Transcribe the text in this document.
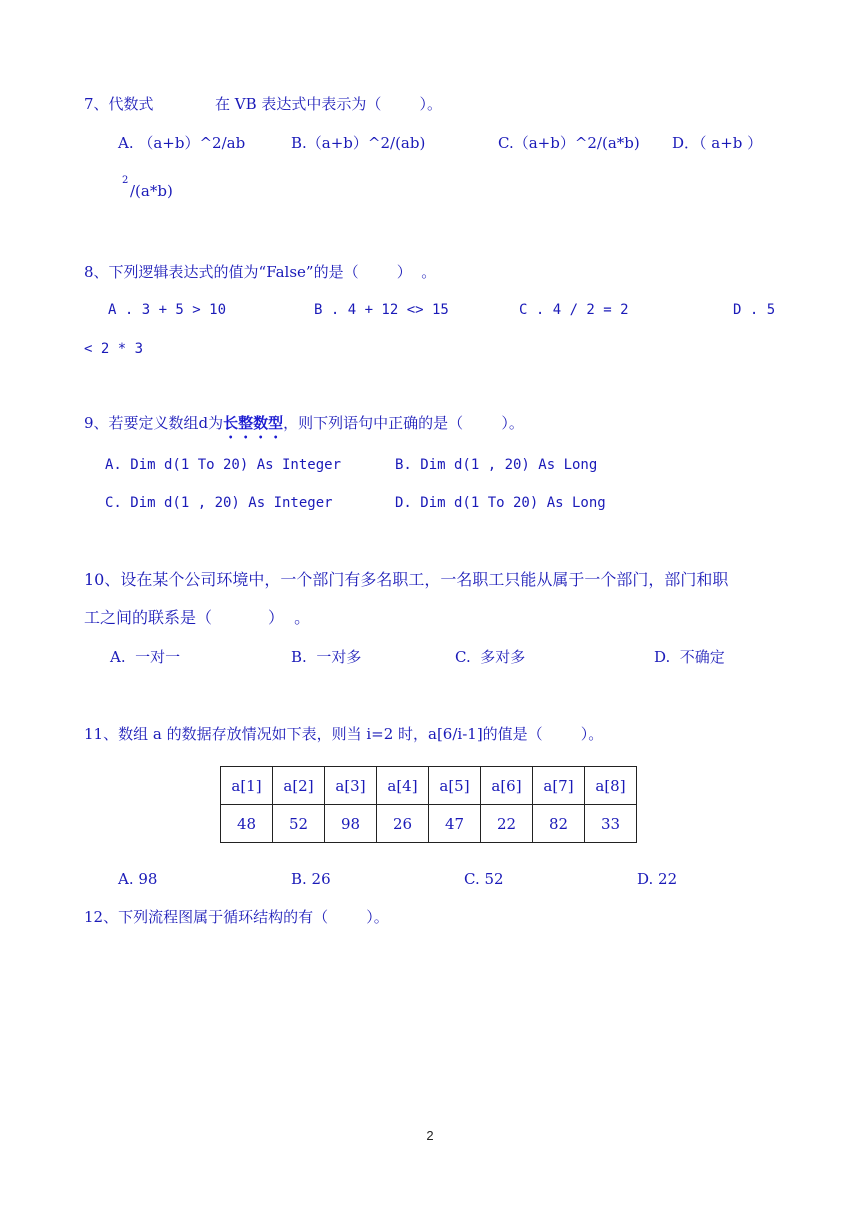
7、代数式	在 VB 表达式中表示为（        ）。
A. （a+b）^2/ab	B.（a+b）^2/(ab)	C.（a+b）^2/(a*b) D．（ a+b ）
2
/(a*b)
8、下列逻辑表达式的值为“False”的是（        ）  。
A . 3 + 5 > 10	B . 4 + 12 <> 15	C . 4 / 2 = 2	D . 5
< 2 * 3
9、若要定义数组d为长整数型，则下列语句中正确的是（        ）。
A. Dim d(1 To 20) As Integer	B. Dim d(1 , 20) As Long
C. Dim d(1 , 20) As Integer	D. Dim d(1 To 20) As Long
10、设在某个公司环境中，一个部门有多名职工，一名职工只能从属于一个部门，部门和职
工之间的联系是（           ）  。
A.  一对一	B.  一对多	C.  多对多	D.  不确定
11、数组 a 的数据存放情况如下表，则当 i=2 时，a[6/i-1]的值是（        ）。
a[1]	a[2]	a[3]	a[4]	a[5]	a[6]	a[7]	a[8]
48	52	98	26	47	22	82	33
A. 98	B. 26	C. 52	D. 22
12、下列流程图属于循环结构的有（        ）。
2
